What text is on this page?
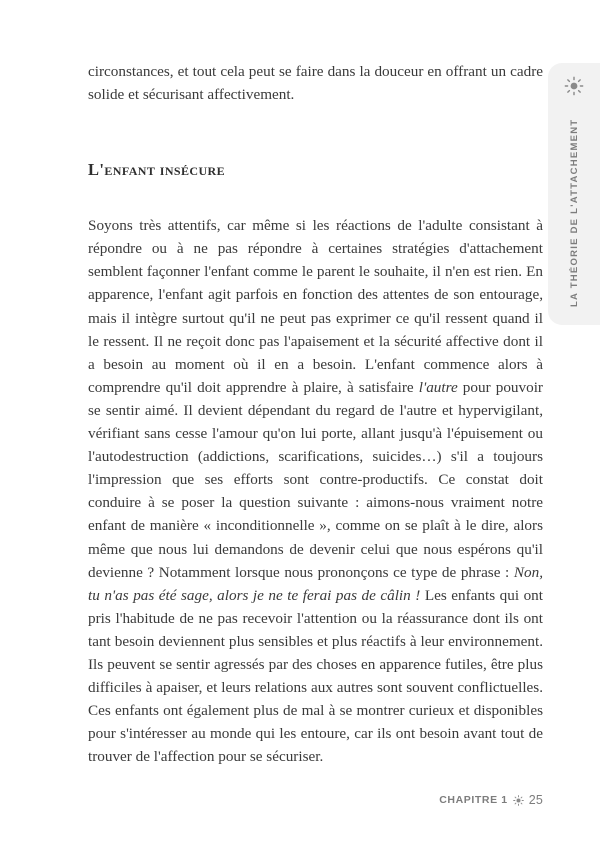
LA THÉORIE DE L'ATTACHEMENT

circonstances, et tout cela peut se faire dans la douceur en offrant un cadre solide et sécurisant affectivement.

L'enfant insécure

Soyons très attentifs, car même si les réactions de l'adulte consistant à répondre ou à ne pas répondre à certaines stratégies d'attachement semblent façonner l'enfant comme le parent le souhaite, il n'en est rien. En apparence, l'enfant agit parfois en fonction des attentes de son entourage, mais il intègre surtout qu'il ne peut pas exprimer ce qu'il ressent quand il le ressent. Il ne reçoit donc pas l'apaisement et la sécurité affective dont il a besoin au moment où il en a besoin. L'enfant commence alors à comprendre qu'il doit apprendre à plaire, à satisfaire l'autre pour pouvoir se sentir aimé. Il devient dépendant du regard de l'autre et hypervigilant, vérifiant sans cesse l'amour qu'on lui porte, allant jusqu'à l'épuisement ou l'autodestruction (addictions, scarifications, suicides…) s'il a toujours l'impression que ses efforts sont contre-productifs. Ce constat doit conduire à se poser la question suivante : aimons-nous vraiment notre enfant de manière « inconditionnelle », comme on se plaît à le dire, alors même que nous lui demandons de devenir celui que nous espérons qu'il devienne ? Notamment lorsque nous prononçons ce type de phrase : Non, tu n'as pas été sage, alors je ne te ferai pas de câlin ! Les enfants qui ont pris l'habitude de ne pas recevoir l'attention ou la réassurance dont ils ont tant besoin deviennent plus sensibles et plus réactifs à leur environnement. Ils peuvent se sentir agressés par des choses en apparence futiles, être plus difficiles à apaiser, et leurs relations aux autres sont souvent conflictuelles. Ces enfants ont également plus de mal à se montrer curieux et disponibles pour s'intéresser au monde qui les entoure, car ils ont besoin avant tout de trouver de l'affection pour se sécuriser.

CHAPITRE 1 25
